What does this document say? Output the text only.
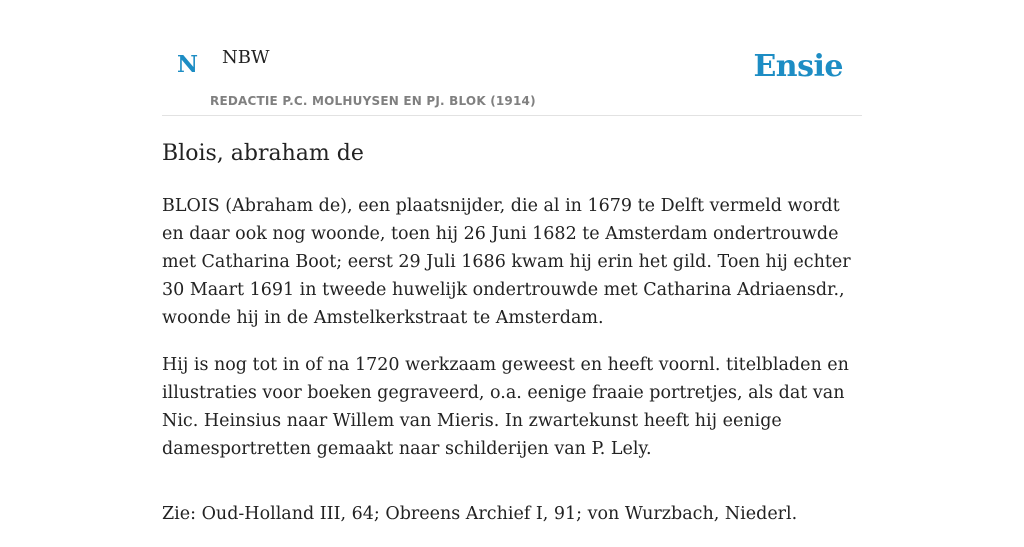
N NBW
REDACTIE P.C. MOLHUYSEN EN PJ. BLOK (1914)
Ensie
Blois, abraham de

BLOIS (Abraham de), een plaatsnijder, die al in 1679 te Delft vermeld wordt en daar ook nog woonde, toen hij 26 Juni 1682 te Amsterdam ondertrouwde met Catharina Boot; eerst 29 Juli 1686 kwam hij erin het gild. Toen hij echter 30 Maart 1691 in tweede huwelijk ondertrouwde met Catharina Adriaensdr., woonde hij in de Amstelkerkstraat te Amsterdam.

Hij is nog tot in of na 1720 werkzaam geweest en heeft voornl. titelbladen en illustraties voor boeken gegraveerd, o.a. eenige fraaie portretjes, als dat van Nic. Heinsius naar Willem van Mieris. In zwartekunst heeft hij eenige damesportretten gemaakt naar schilderijen van P. Lely.

Zie: Oud-Holland III, 64; Obreens Archief I, 91; von Wurzbach, Niederl.
